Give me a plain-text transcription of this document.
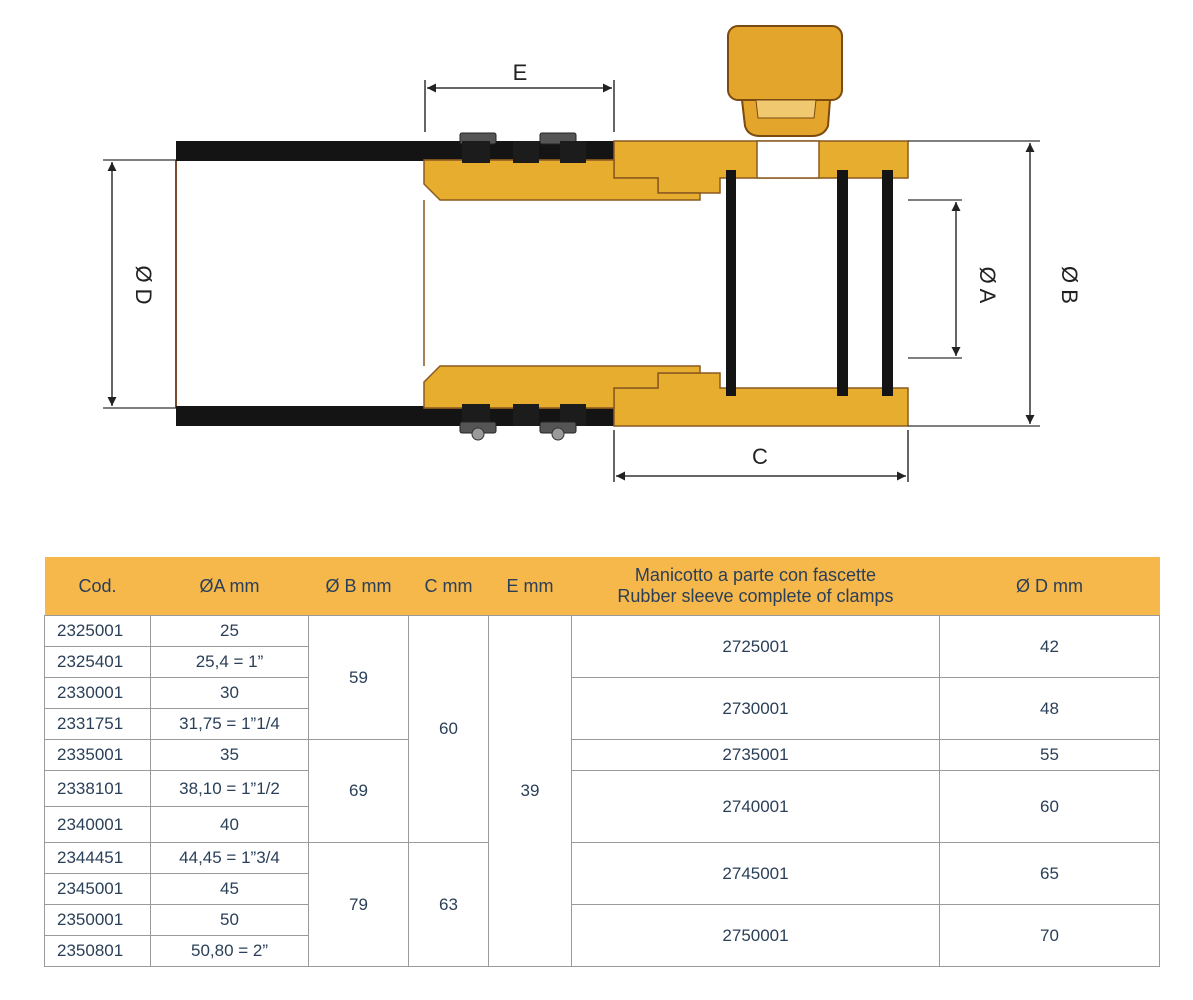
E
C
Ø D	Ø A	Ø B
Cod.	ØA mm	Ø B mm	C mm	E mm	Manicotto a parte con fascette
Rubber sleeve complete of clamps	Ø D mm
2325001	25	59	60	39	2725001	42
2325401	25,4 = 1”					
2330001	30				2730001	48
2331751	31,75 = 1”1/4					
2335001	35	69			2735001	55
2338101	38,10 = 1”1/2				2740001	60
2340001	40					
2344451	44,45 = 1”3/4	79	63		2745001	65
2345001	45					
2350001	50				2750001	70
2350801	50,80 = 2”					
